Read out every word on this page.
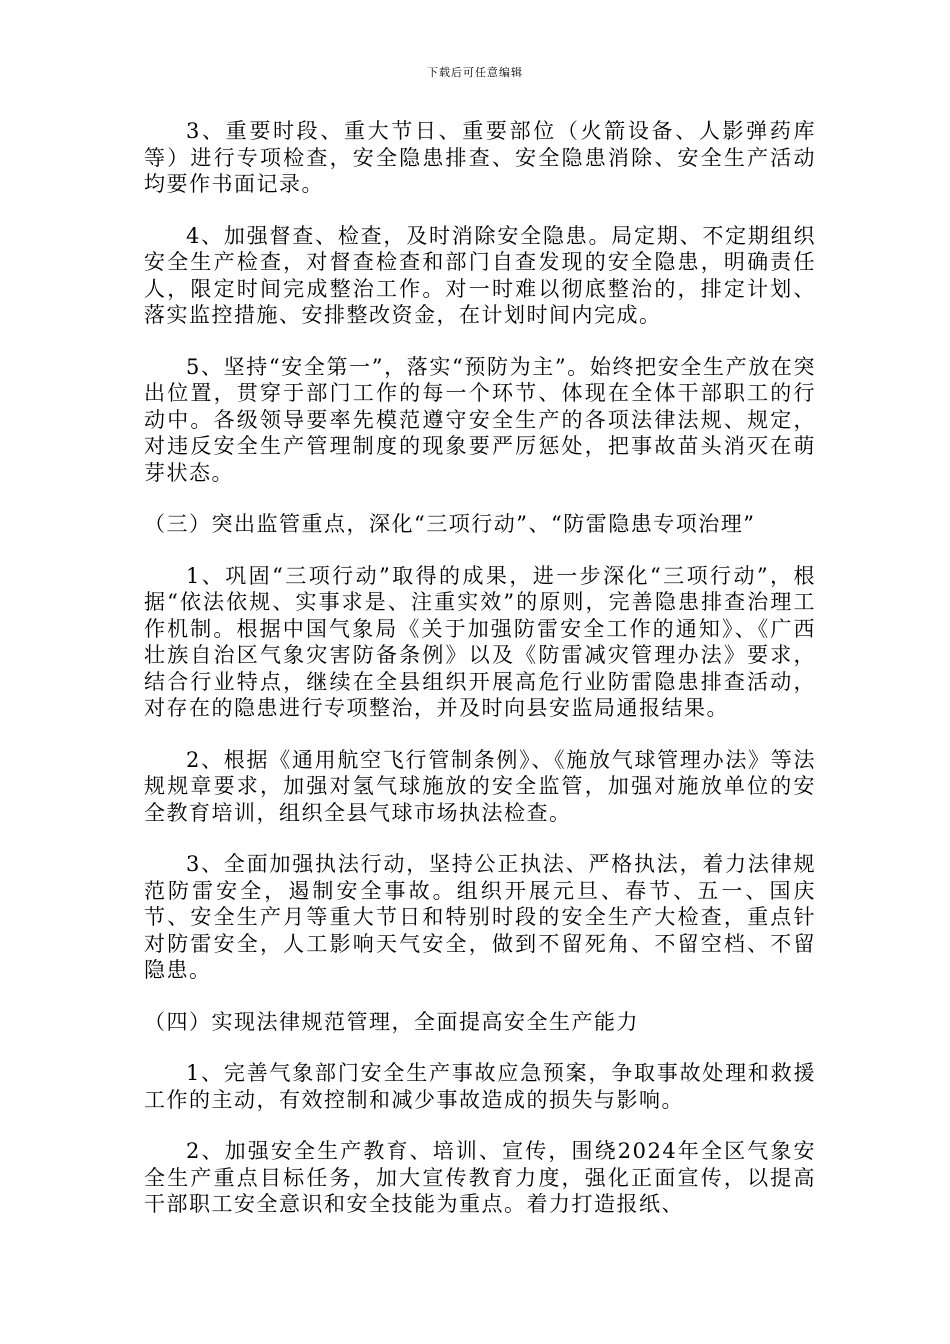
下载后可任意编辑

3、重要时段、重大节日、重要部位（火箭设备、人影弹药库等）进行专项检查，安全隐患排查、安全隐患消除、安全生产活动均要作书面记录。

4、加强督查、检查，及时消除安全隐患。局定期、不定期组织安全生产检查，对督查检查和部门自查发现的安全隐患，明确责任人，限定时间完成整治工作。对一时难以彻底整治的，排定计划、落实监控措施、安排整改资金，在计划时间内完成。

5、坚持“安全第一”，落实“预防为主”。始终把安全生产放在突出位置，贯穿于部门工作的每一个环节、体现在全体干部职工的行动中。各级领导要率先模范遵守安全生产的各项法律法规、规定，对违反安全生产管理制度的现象要严厉惩处，把事故苗头消灭在萌芽状态。

（三）突出监管重点，深化“三项行动”、“防雷隐患专项治理”

1、巩固“三项行动”取得的成果，进一步深化“三项行动”，根据“依法依规、实事求是、注重实效”的原则，完善隐患排查治理工作机制。根据中国气象局《关于加强防雷安全工作的通知》、《广西壮族自治区气象灾害防备条例》以及《防雷减灾管理办法》要求，结合行业特点，继续在全县组织开展高危行业防雷隐患排查活动，对存在的隐患进行专项整治，并及时向县安监局通报结果。

2、根据《通用航空飞行管制条例》、《施放气球管理办法》等法规规章要求，加强对氢气球施放的安全监管，加强对施放单位的安全教育培训，组织全县气球市场执法检查。

3、全面加强执法行动，坚持公正执法、严格执法，着力法律规范防雷安全，遏制安全事故。组织开展元旦、春节、五一、国庆节、安全生产月等重大节日和特别时段的安全生产大检查，重点针对防雷安全，人工影响天气安全，做到不留死角、不留空档、不留隐患。

（四）实现法律规范管理，全面提高安全生产能力

1、完善气象部门安全生产事故应急预案，争取事故处理和救援工作的主动，有效控制和减少事故造成的损失与影响。

2、加强安全生产教育、培训、宣传，围绕2024年全区气象安全生产重点目标任务，加大宣传教育力度，强化正面宣传，以提高干部职工安全意识和安全技能为重点。着力打造报纸、
